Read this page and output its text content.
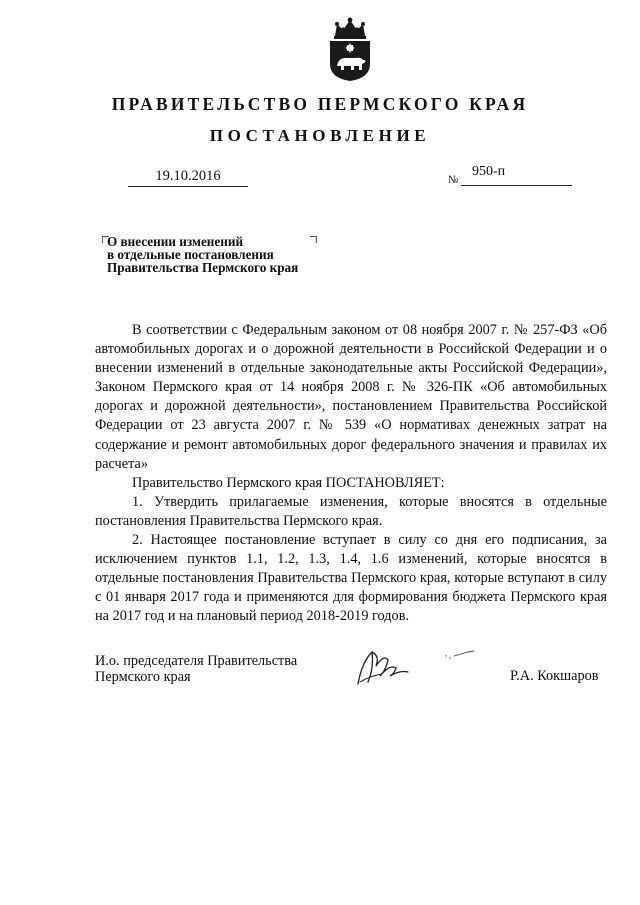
ПРАВИТЕЛЬСТВО ПЕРМСКОГО КРАЯ
ПОСТАНОВЛЕНИЕ
19.10.2016	№
950-п
О внесении изменений
в отдельные постановления
Правительства Пермского края

В соответствии с Федеральным законом от 08 ноября 2007 г. № 257-ФЗ «Об автомобильных дорогах и о дорожной деятельности в Российской Федерации и о внесении изменений в отдельные законодательные акты Российской Федерации», Законом Пермского края от 14 ноября 2008 г. № 326-ПК «Об автомобильных дорогах и дорожной деятельности», постановлением Правительства Российской Федерации от 23 августа 2007 г. № 539 «О нормативах денежных затрат на содержание и ремонт автомобильных дорог федерального значения и правилах их расчета»

Правительство Пермского края ПОСТАНОВЛЯЕТ:

1. Утвердить прилагаемые изменения, которые вносятся в отдельные постановления Правительства Пермского края.

2. Настоящее постановление вступает в силу со дня его подписания, за исключением пунктов 1.1, 1.2, 1.3, 1.4, 1.6 изменений, которые вносятся в отдельные постановления Правительства Пермского края, которые вступают в силу с 01 января 2017 года и применяются для формирования бюджета Пермского края на 2017 год и на плановый период 2018-2019 годов.

И.о. председателя Правительства
Пермского края	Р.А. Кокшаров
